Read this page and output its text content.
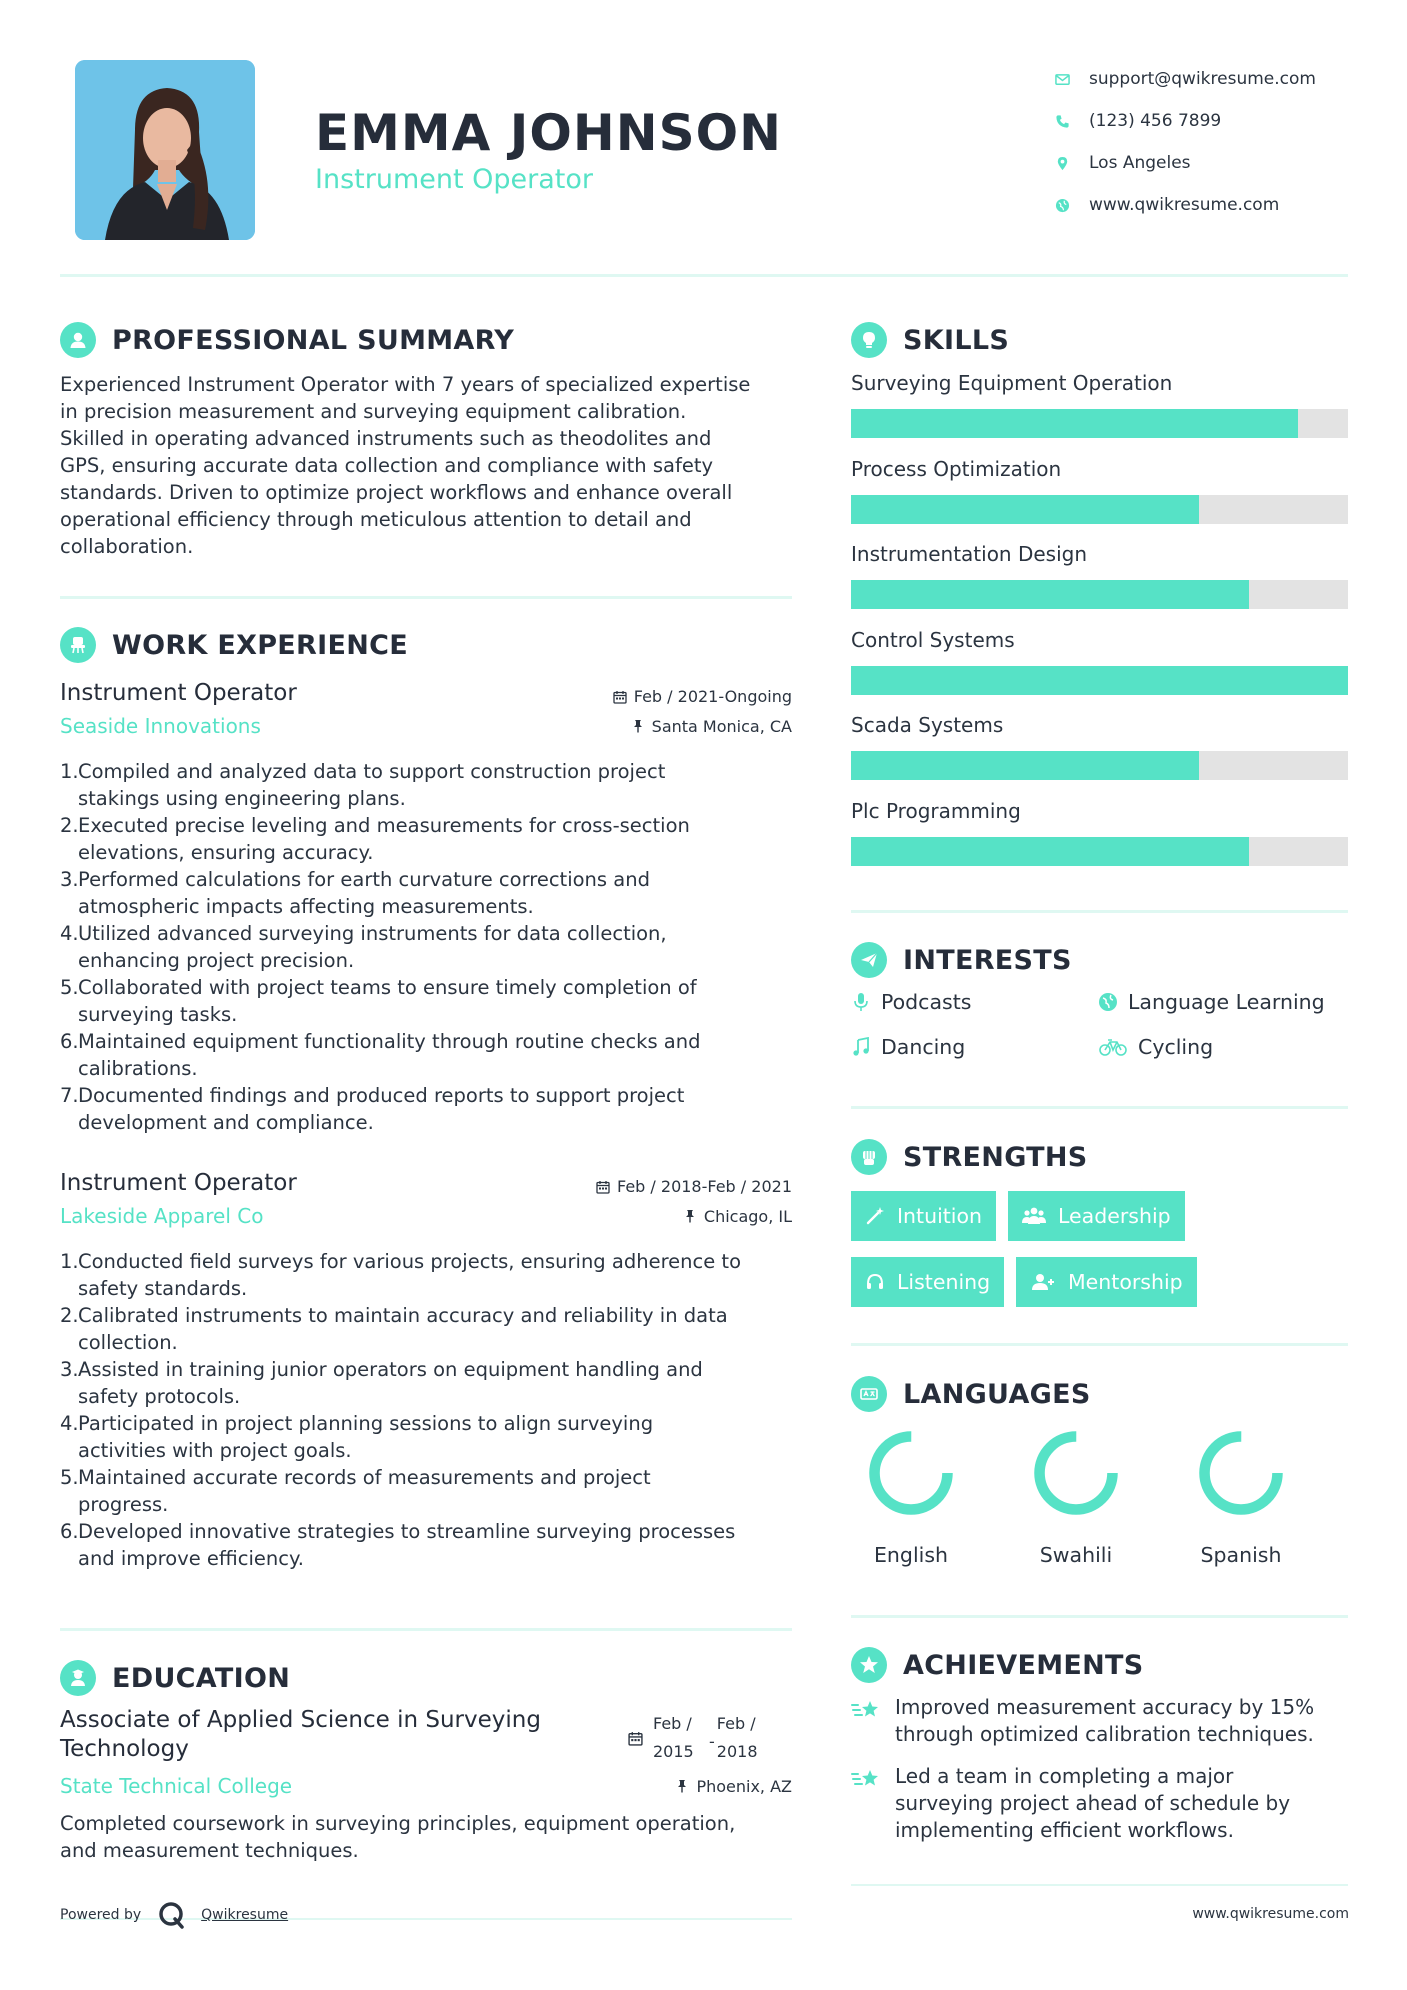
EMMA JOHNSON
Instrument Operator
support@qwikresume.com
(123) 456 7899
Los Angeles
www.qwikresume.com
PROFESSIONAL SUMMARY
Experienced Instrument Operator with 7 years of specialized expertise
in precision measurement and surveying equipment calibration.
Skilled in operating advanced instruments such as theodolites and
GPS, ensuring accurate data collection and compliance with safety
standards. Driven to optimize project workflows and enhance overall
operational efficiency through meticulous attention to detail and
collaboration.
WORK EXPERIENCE
Instrument Operator	Feb / 2021-Ongoing
Seaside Innovations	Santa Monica, CA
1. Compiled and analyzed data to support construction project
stakings using engineering plans.
2. Executed precise leveling and measurements for cross-section
elevations, ensuring accuracy.
3. Performed calculations for earth curvature corrections and
atmospheric impacts affecting measurements.
4. Utilized advanced surveying instruments for data collection,
enhancing project precision.
5. Collaborated with project teams to ensure timely completion of
surveying tasks.
6. Maintained equipment functionality through routine checks and
calibrations.
7. Documented findings and produced reports to support project
development and compliance.
Instrument Operator	Feb / 2018-Feb / 2021
Lakeside Apparel Co	Chicago, IL
1. Conducted field surveys for various projects, ensuring adherence to
safety standards.
2. Calibrated instruments to maintain accuracy and reliability in data
collection.
3. Assisted in training junior operators on equipment handling and
safety protocols.
4. Participated in project planning sessions to align surveying
activities with project goals.
5. Maintained accurate records of measurements and project
progress.
6. Developed innovative strategies to streamline surveying processes
and improve efficiency.
EDUCATION
Associate of Applied Science in Surveying
Technology
Feb /
2015
-
Feb /
2018
State Technical College	Phoenix, AZ
Completed coursework in surveying principles, equipment operation,
and measurement techniques.
SKILLS
Surveying Equipment Operation
Process Optimization
Instrumentation Design
Control Systems
Scada Systems
Plc Programming
INTERESTS
Podcasts	Language Learning
Dancing	Cycling
STRENGTHS
Intuition	Leadership
Listening	Mentorship
LANGUAGES
English	Swahili	Spanish
ACHIEVEMENTS
Improved measurement accuracy by 15%
through optimized calibration techniques.
Led a team in completing a major
surveying project ahead of schedule by
implementing efficient workflows.
Powered by	Qwikresume	www.qwikresume.com
